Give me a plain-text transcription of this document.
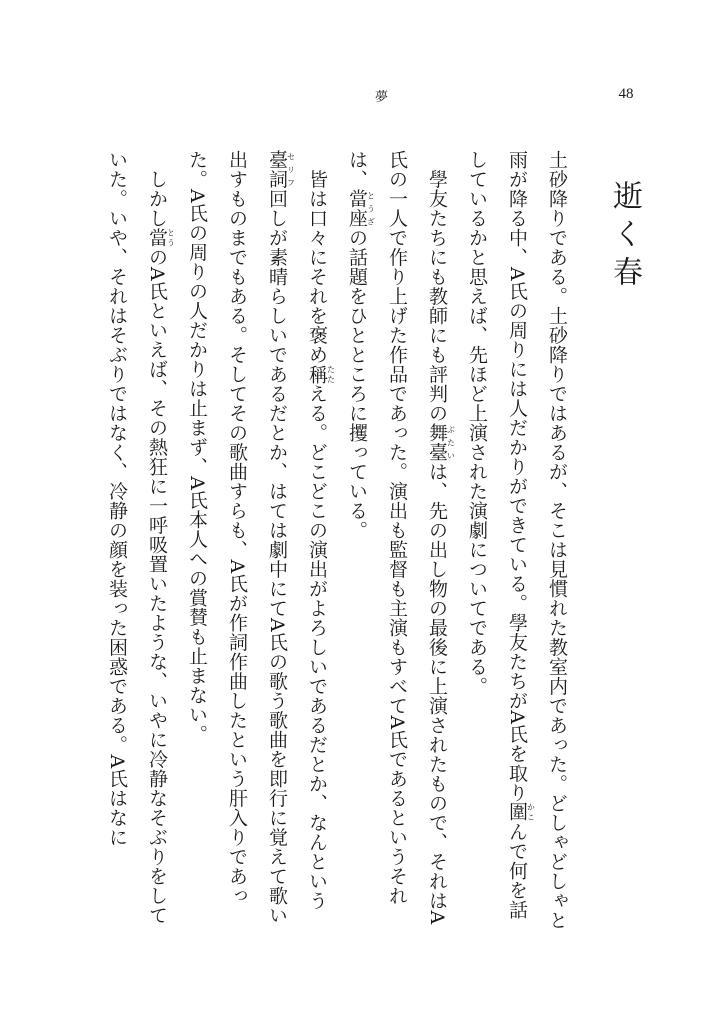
夢	48
逝く春

土砂降りである。土砂降りではあるが、そこは見慣れた教室内であった。どしゃどしゃと雨が降る中、A氏の周りには人だかりができている。學友たちがA氏を取り圍かこんで何を話しているかと思えば、先ほど上演された演劇についてである。

　學友たちにも教師にも評判の舞臺ぶたいは、先の出し物の最後に上演されたもので、それはA氏の一人で作り上げた作品であった。演出も監督も主演もすべてA氏であるというそれは、當座とうざの話題をひとところに攫っている。

　皆は口々にそれを褒め稱たたえる。どこどこの演出がよろしいであるだとか、なんという臺詞セリフ回しが素晴らしいであるだとか、はては劇中にてA氏の歌う歌曲を即行に覚えて歌い出すものまでもある。そしてその歌曲すらも、A氏が作詞作曲したという肝入りであった。A氏の周りの人だかりは止まず、A氏本人への賞賛も止まない。

　しかし當とうのA氏といえば、その熱狂に一呼吸置いたような、いやに冷静なそぶりをしていた。いや、それはそぶりではなく、冷静の顔を装った困惑である。A氏はなに
